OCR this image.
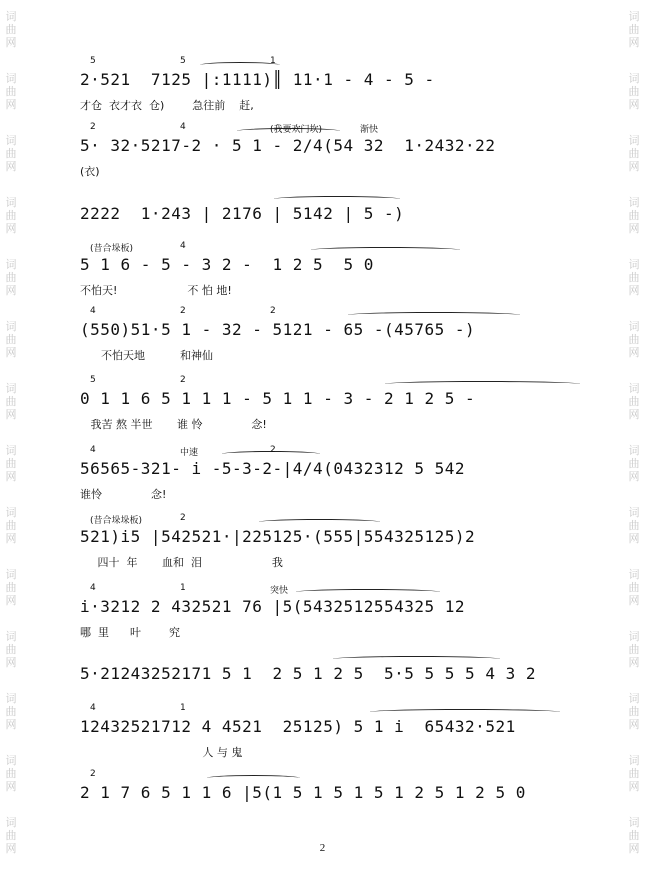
词曲网
词曲网
词曲网
词曲网
词曲网
词曲网
词曲网
词曲网
词曲网
词曲网
词曲网
词曲网
词曲网
词曲网
词曲网
词曲网
词曲网
词曲网
词曲网
词曲网
词曲网
词曲网
词曲网
词曲网
词曲网
词曲网
词曲网
词曲网
2·521  7125 |:1111)║ 11·1 - 4 - 5 -
才仓  衣才衣  仓)        急往前    赶,
5	5	1
5· 32·5217-2 · 5 1 - 2/4(54 32  1·2432·22
(衣)
2	4	(我要欢门坎)	渐快
2222  1·243 | 2176 | 5142 | 5 -)
5 1 6 - 5 - 3 2 -  1 2 5  5 0
不怕天!                    不 怕 地!
(昔合垛板)	4
(550)51·5 1 - 32 - 5121 - 65 -(45765 -)
不怕天地          和神仙
4	2	2
0 1 1 6 5 1 1 1 - 5 1 1 - 3 - 2 1 2 5 -
我苦 熬 半世       谁 怜              念!
5	2
56565-321- i -5-3-2-|4/4(0432312 5 542
谁怜              念!
4	中速	2
521)i5 |542521·|225125·(555|554325125)2
四十  年       血和  泪                    我
(昔合垛垛板)	2
i·3212 2 432521 76 |5(5432512554325 12
哪  里      叶        究
4	1	突快
5·21243252171 5 1  2 5 1 2 5  5·5 5 5 5 4 3 2
12432521712 4 4521  25125) 5 1 i  65432·521
人 与 鬼
4	1
2 1 7 6 5 1 1 6 |5(1 5 1 5 1 5 1 2 5 1 2 5 0
2
2
